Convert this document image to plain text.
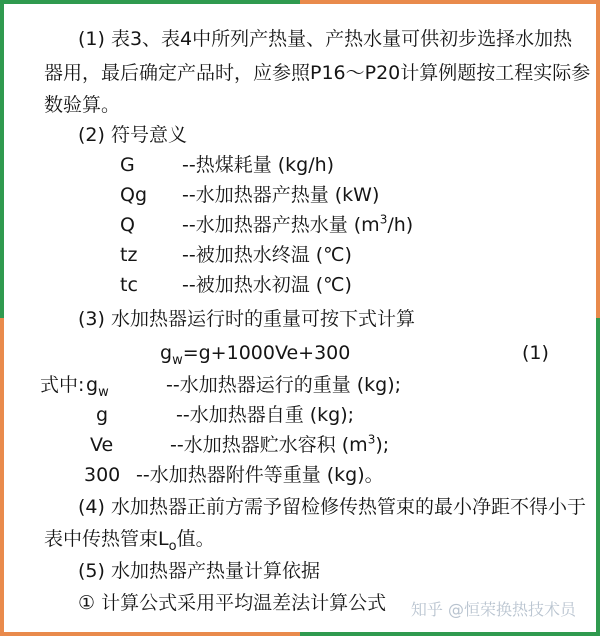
(1) 表3、表4中所列产热量、产热水量可供初步选择水加热
器用，最后确定产品时，应参照P16～P20计算例题按工程实际参
数验算。
(2) 符号意义
G --热煤耗量 (kg/h)
Qg --水加热器产热量 (kW)
Q --水加热器产热水量 $(m^3/h)$
tz --被加热水终温 (℃)
tc --被加热水初温 (℃)
(3) 水加热器运行时的重量可按下式计算
$g_w=g+1000Ve+300$	(1)
式中$:g_w$	--水加热器运行的重量 (kg);
g	--水加热器自重 (kg);
Ve	--水加热器贮水容积 $(m^3)$;
300 --水加热器附件等重量 (kg)。
(4) 水加热器正前方需予留检修传热管束的最小净距不得小于
表中传热管束$L_o$值。
(5) 水加热器产热量计算依据
① 计算公式采用平均温差法计算公式 知乎 @恒荣换热技术员
